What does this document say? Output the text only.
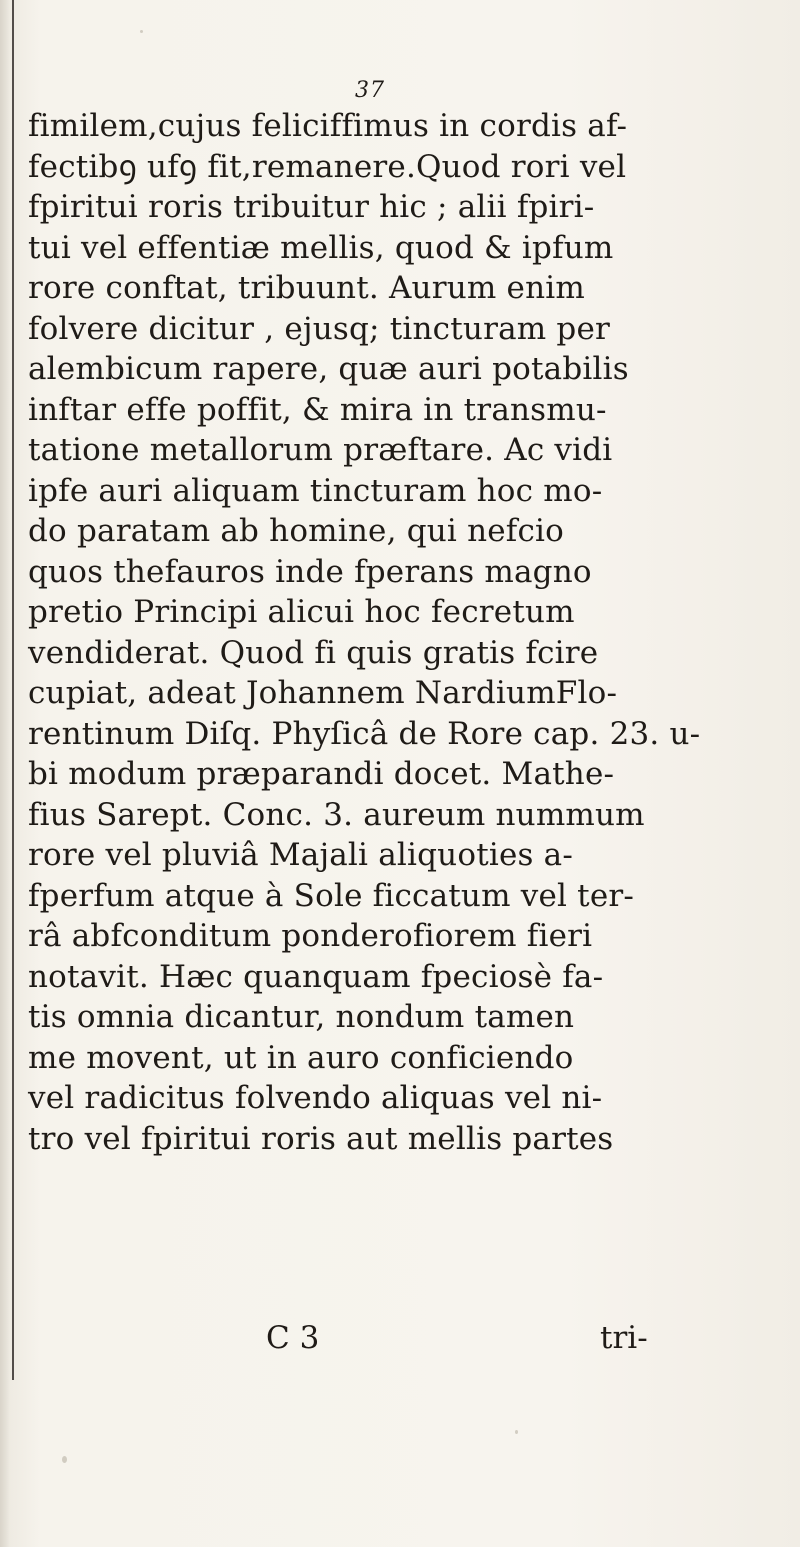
37
fimilem,cujus feliciffimus in cordis af-
fectibꝯ ufꝯ fit,remanere.Quod rori vel
fpiritui roris tribuitur hic ; alii fpiri-
tui vel effentiæ mellis, quod & ipfum
rore conftat, tribuunt. Aurum enim
folvere dicitur , ejusq; tincturam per
alembicum rapere, quæ auri potabilis
inftar effe poffit, & mira in transmu-
tatione metallorum præftare. Ac vidi
ipfe auri aliquam tincturam hoc mo-
do paratam ab homine, qui nefcio
quos thefauros inde fperans magno
pretio Principi alicui hoc fecretum
vendiderat. Quod fi quis gratis fcire
cupiat, adeat Johannem NardiumFlo-
rentinum Diſq. Phyſicâ de Rore cap. 23. u-
bi modum præparandi docet. Mathe-
fius Sarept. Conc. 3. aureum nummum
rore vel pluviâ Majali aliquoties a-
fperfum atque à Sole ficcatum vel ter-
râ abfconditum ponderofiorem fieri
notavit. Hæc quanquam fpeciosè fa-
tis omnia dicantur, nondum tamen
me movent, ut in auro conficiendo
vel radicitus folvendo aliquas vel ni-
tro vel fpiritui roris aut mellis partes
C 3	tri-
